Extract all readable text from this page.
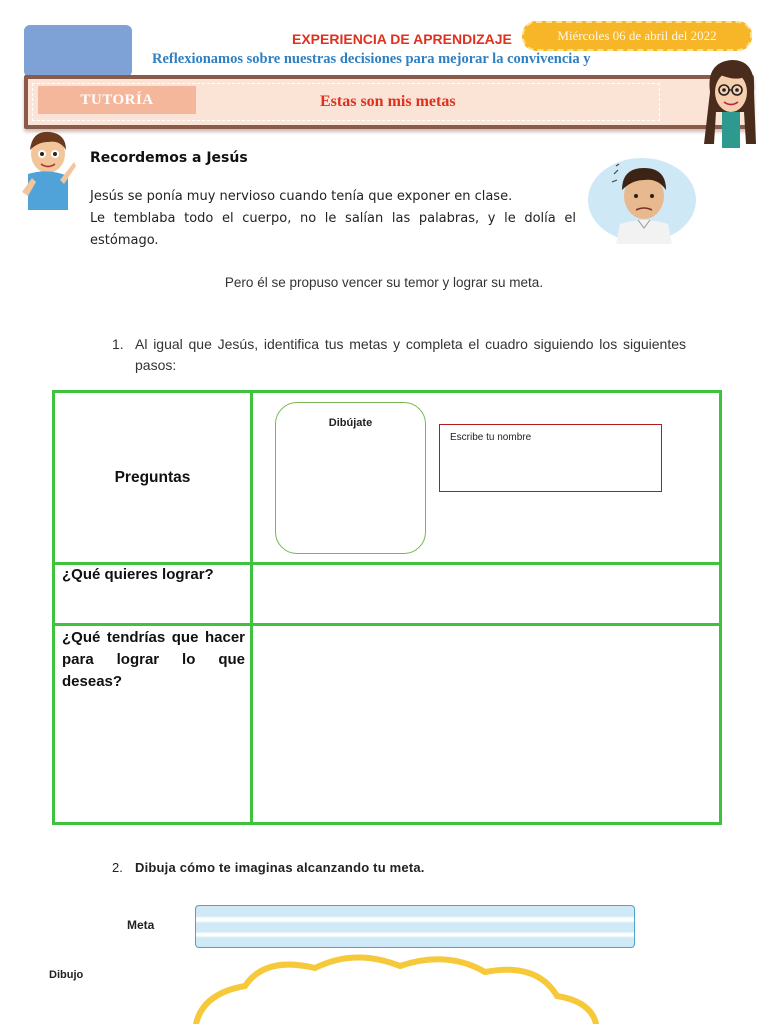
EXPERIENCIA DE APRENDIZAJE	Miércoles 06 de abril del 2022
Reflexionamos sobre nuestras decisiones para mejorar la convivencia y
TUTORÍA	Estas son mis metas
Recordemos a Jesús

Jesús se ponía muy nervioso cuando tenía que exponer en clase.

Le temblaba todo el cuerpo, no le salían las palabras, y le dolía el estómago.

Pero él se propuso vencer su temor y lograr su meta.
1. Al igual que Jesús, identifica tus metas y completa el cuadro siguiendo los siguientes pasos:
Preguntas
Dibújate
Escribe tu nombre
¿Qué quieres lograr?
¿Qué tendrías que hacer para lograr lo que deseas?
2. Dibuja cómo te imaginas alcanzando tu meta.
Meta
Dibujo
